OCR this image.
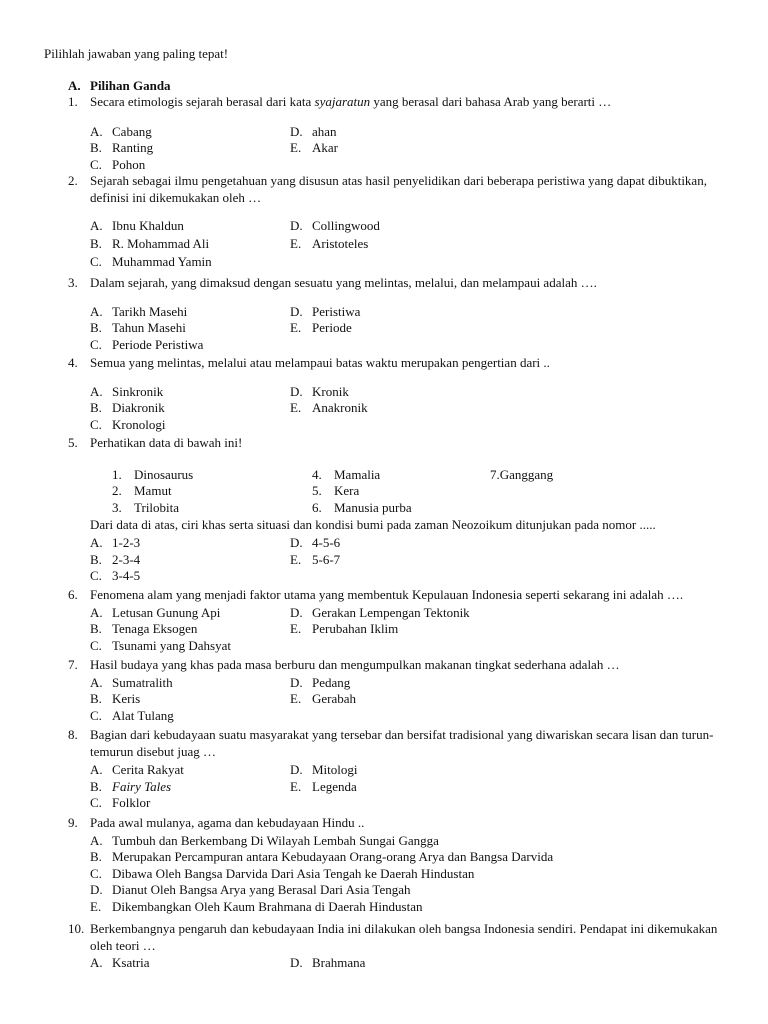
Pilihlah jawaban yang paling tepat!
A. Pilihan Ganda
1. Secara etimologis sejarah berasal dari kata syajaratun yang berasal dari bahasa Arab yang berarti …
A. Cabang
B. Ranting
C. Pohon
D. ahan
E. Akar
2. Sejarah sebagai ilmu pengetahuan yang disusun atas hasil penyelidikan dari beberapa peristiwa yang dapat dibuktikan, definisi ini dikemukakan oleh …
A. Ibnu Khaldun
B. R. Mohammad Ali
C. Muhammad Yamin
D. Collingwood
E. Aristoteles
3. Dalam sejarah, yang dimaksud dengan sesuatu yang melintas, melalui, dan melampaui adalah ….
A. Tarikh Masehi
B. Tahun Masehi
C. Periode Peristiwa
D. Peristiwa
E. Periode
4. Semua yang melintas, melalui atau melampaui batas waktu merupakan pengertian dari ..
A. Sinkronik
B. Diakronik
C. Kronologi
D. Kronik
E. Anakronik
5. Perhatikan data di bawah ini!
1. Dinosaurus
2. Mamut
3. Trilobita
4. Mamalia
5. Kera
6. Manusia purba
7.Ganggang
Dari data di atas, ciri khas serta situasi dan kondisi bumi pada zaman Neozoikum ditunjukan pada nomor .....
A. 1-2-3
B. 2-3-4
C. 3-4-5
D. 4-5-6
E. 5-6-7
6. Fenomena alam yang menjadi faktor utama yang membentuk Kepulauan Indonesia seperti sekarang ini adalah ….
A. Letusan Gunung Api
B. Tenaga Eksogen
C. Tsunami yang Dahsyat
D. Gerakan Lempengan Tektonik
E. Perubahan Iklim
7. Hasil budaya yang khas pada masa berburu dan mengumpulkan makanan tingkat sederhana adalah …
A. Sumatralith
B. Keris
C. Alat Tulang
D. Pedang
E. Gerabah
8. Bagian dari kebudayaan suatu masyarakat yang tersebar dan bersifat tradisional yang diwariskan secara lisan dan turun-temurun disebut juag …
A. Cerita Rakyat
B. Fairy Tales
C. Folklor
D. Mitologi
E. Legenda
9. Pada awal mulanya, agama dan kebudayaan Hindu ..
A. Tumbuh dan Berkembang Di Wilayah Lembah Sungai Gangga
B. Merupakan Percampuran antara Kebudayaan Orang-orang Arya dan Bangsa Darvida
C. Dibawa Oleh Bangsa Darvida Dari Asia Tengah ke Daerah Hindustan
D. Dianut Oleh Bangsa Arya yang Berasal Dari Asia Tengah
E. Dikembangkan Oleh Kaum Brahmana di Daerah Hindustan
10. Berkembangnya pengaruh dan kebudayaan India ini dilakukan oleh bangsa Indonesia sendiri. Pendapat ini dikemukakan oleh teori …
A. Ksatria	D. Brahmana
